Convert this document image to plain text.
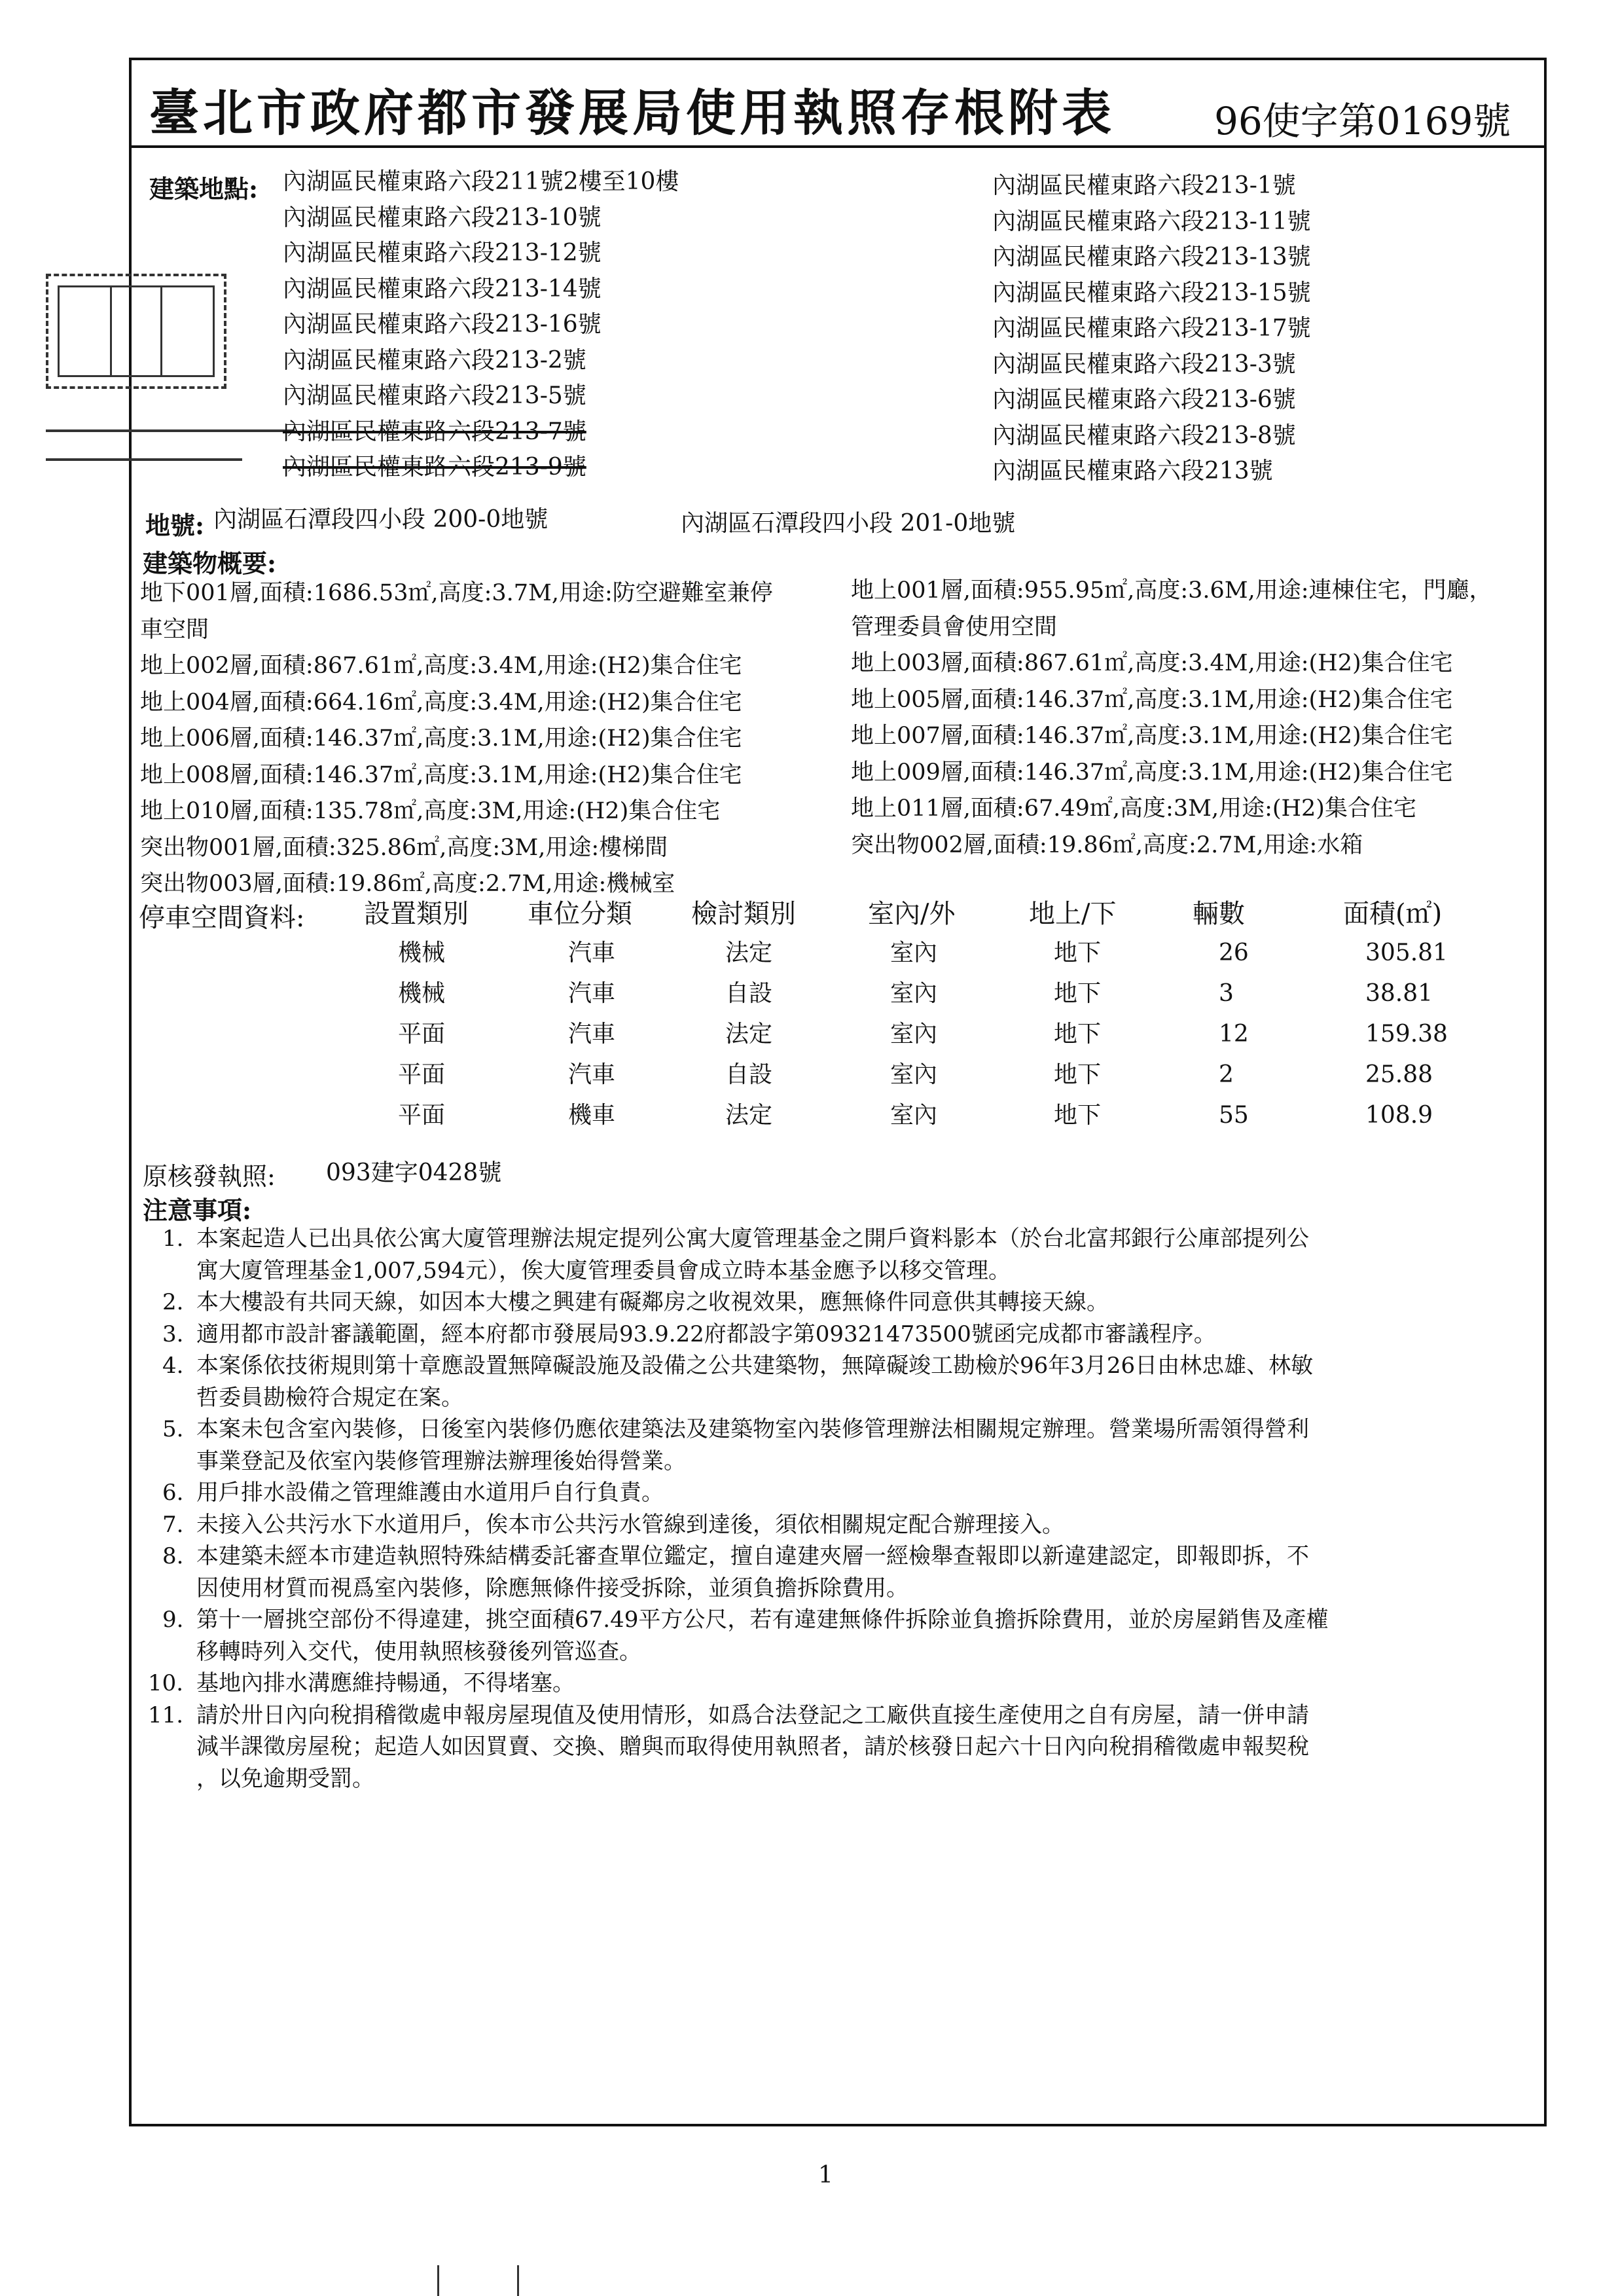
臺北市政府都市發展局使用執照存根附表	96使字第0169號
建築地點: 內湖區民權東路六段211號2樓至10樓
內湖區民權東路六段213-10號
內湖區民權東路六段213-12號
內湖區民權東路六段213-14號
內湖區民權東路六段213-16號
內湖區民權東路六段213-2號
內湖區民權東路六段213-5號
內湖區民權東路六段213-7號
內湖區民權東路六段213-9號
內湖區民權東路六段213-1號
內湖區民權東路六段213-11號
內湖區民權東路六段213-13號
內湖區民權東路六段213-15號
內湖區民權東路六段213-17號
內湖區民權東路六段213-3號
內湖區民權東路六段213-6號
內湖區民權東路六段213-8號
內湖區民權東路六段213號
地號: 內湖區石潭段四小段 200-0地號	內湖區石潭段四小段 201-0地號
建築物概要:
地下001層,面積:1686.53㎡,高度:3.7M,用途:防空避難室兼停
車空間
地上002層,面積:867.61㎡,高度:3.4M,用途:(H2)集合住宅
地上004層,面積:664.16㎡,高度:3.4M,用途:(H2)集合住宅
地上006層,面積:146.37㎡,高度:3.1M,用途:(H2)集合住宅
地上008層,面積:146.37㎡,高度:3.1M,用途:(H2)集合住宅
地上010層,面積:135.78㎡,高度:3M,用途:(H2)集合住宅
突出物001層,面積:325.86㎡,高度:3M,用途:樓梯間
突出物003層,面積:19.86㎡,高度:2.7M,用途:機械室
地上001層,面積:955.95㎡,高度:3.6M,用途:連棟住宅，門廳，
管理委員會使用空間
地上003層,面積:867.61㎡,高度:3.4M,用途:(H2)集合住宅
地上005層,面積:146.37㎡,高度:3.1M,用途:(H2)集合住宅
地上007層,面積:146.37㎡,高度:3.1M,用途:(H2)集合住宅
地上009層,面積:146.37㎡,高度:3.1M,用途:(H2)集合住宅
地上011層,面積:67.49㎡,高度:3M,用途:(H2)集合住宅
突出物002層,面積:19.86㎡,高度:2.7M,用途:水箱
停車空間資料: 設置類別 車位分類 檢討類別	室內/外	地上/下	輛數	面積(㎡)
機械	汽車	法定	室內	地下	26	305.81
機械	汽車	自設	室內	地下	3	38.81
平面	汽車	法定	室內	地下	12	159.38
平面	汽車	自設	室內	地下	2	25.88
平面	機車	法定	室內	地下	55	108.9
原核發執照: 093建字0428號
注意事項:
1. 本案起造人已出具依公寓大廈管理辦法規定提列公寓大廈管理基金之開戶資料影本（於台北富邦銀行公庫部提列公
寓大廈管理基金1,007,594元），俟大廈管理委員會成立時本基金應予以移交管理。
2. 本大樓設有共同天線，如因本大樓之興建有礙鄰房之收視效果，應無條件同意供其轉接天線。
3. 適用都市設計審議範圍，經本府都市發展局93.9.22府都設字第09321473500號函完成都市審議程序。
4. 本案係依技術規則第十章應設置無障礙設施及設備之公共建築物，無障礙竣工勘檢於96年3月26日由林忠雄、林敏
哲委員勘檢符合規定在案。
5. 本案未包含室內裝修，日後室內裝修仍應依建築法及建築物室內裝修管理辦法相關規定辦理。營業場所需領得營利
事業登記及依室內裝修管理辦法辦理後始得營業。
6. 用戶排水設備之管理維護由水道用戶自行負責。
7. 未接入公共污水下水道用戶，俟本市公共污水管線到達後，須依相關規定配合辦理接入。
8. 本建築未經本市建造執照特殊結構委託審查單位鑑定，擅自違建夾層一經檢舉查報即以新違建認定，即報即拆，不
因使用材質而視爲室內裝修，除應無條件接受拆除，並須負擔拆除費用。
9. 第十一層挑空部份不得違建，挑空面積67.49平方公尺，若有違建無條件拆除並負擔拆除費用，並於房屋銷售及產權
移轉時列入交代，使用執照核發後列管巡查。
10. 基地內排水溝應維持暢通，不得堵塞。
11. 請於卅日內向稅捐稽徵處申報房屋現值及使用情形，如爲合法登記之工廠供直接生產使用之自有房屋，請一併申請
減半課徵房屋稅；起造人如因買賣、交換、贈與而取得使用執照者，請於核發日起六十日內向稅捐稽徵處申報契稅
，以免逾期受罰。
1
